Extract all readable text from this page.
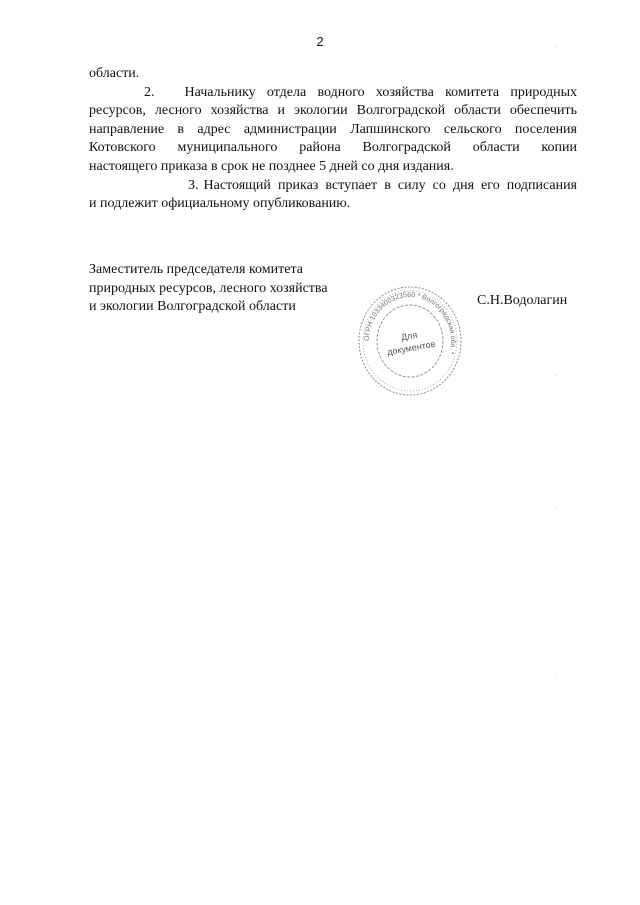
2
области.
2. Начальнику отдела водного хозяйства комитета природных
ресурсов, лесного хозяйства и экологии Волгоградской области обеспечить
направление в адрес администрации Лапшинского сельского поселения
Котовского муниципального района Волгоградской области копии
настоящего приказа в срок не позднее 5 дней со дня издания.
3. Настоящий приказ вступает в силу со дня его подписания
и подлежит официальному опубликованию.
Заместитель председателя комитета
природных ресурсов, лесного хозяйства
и экологии Волгоградской области	С.Н.Водолагин
ОГРН 1033400323560 * Волгоградская обл. *
Для
документов
